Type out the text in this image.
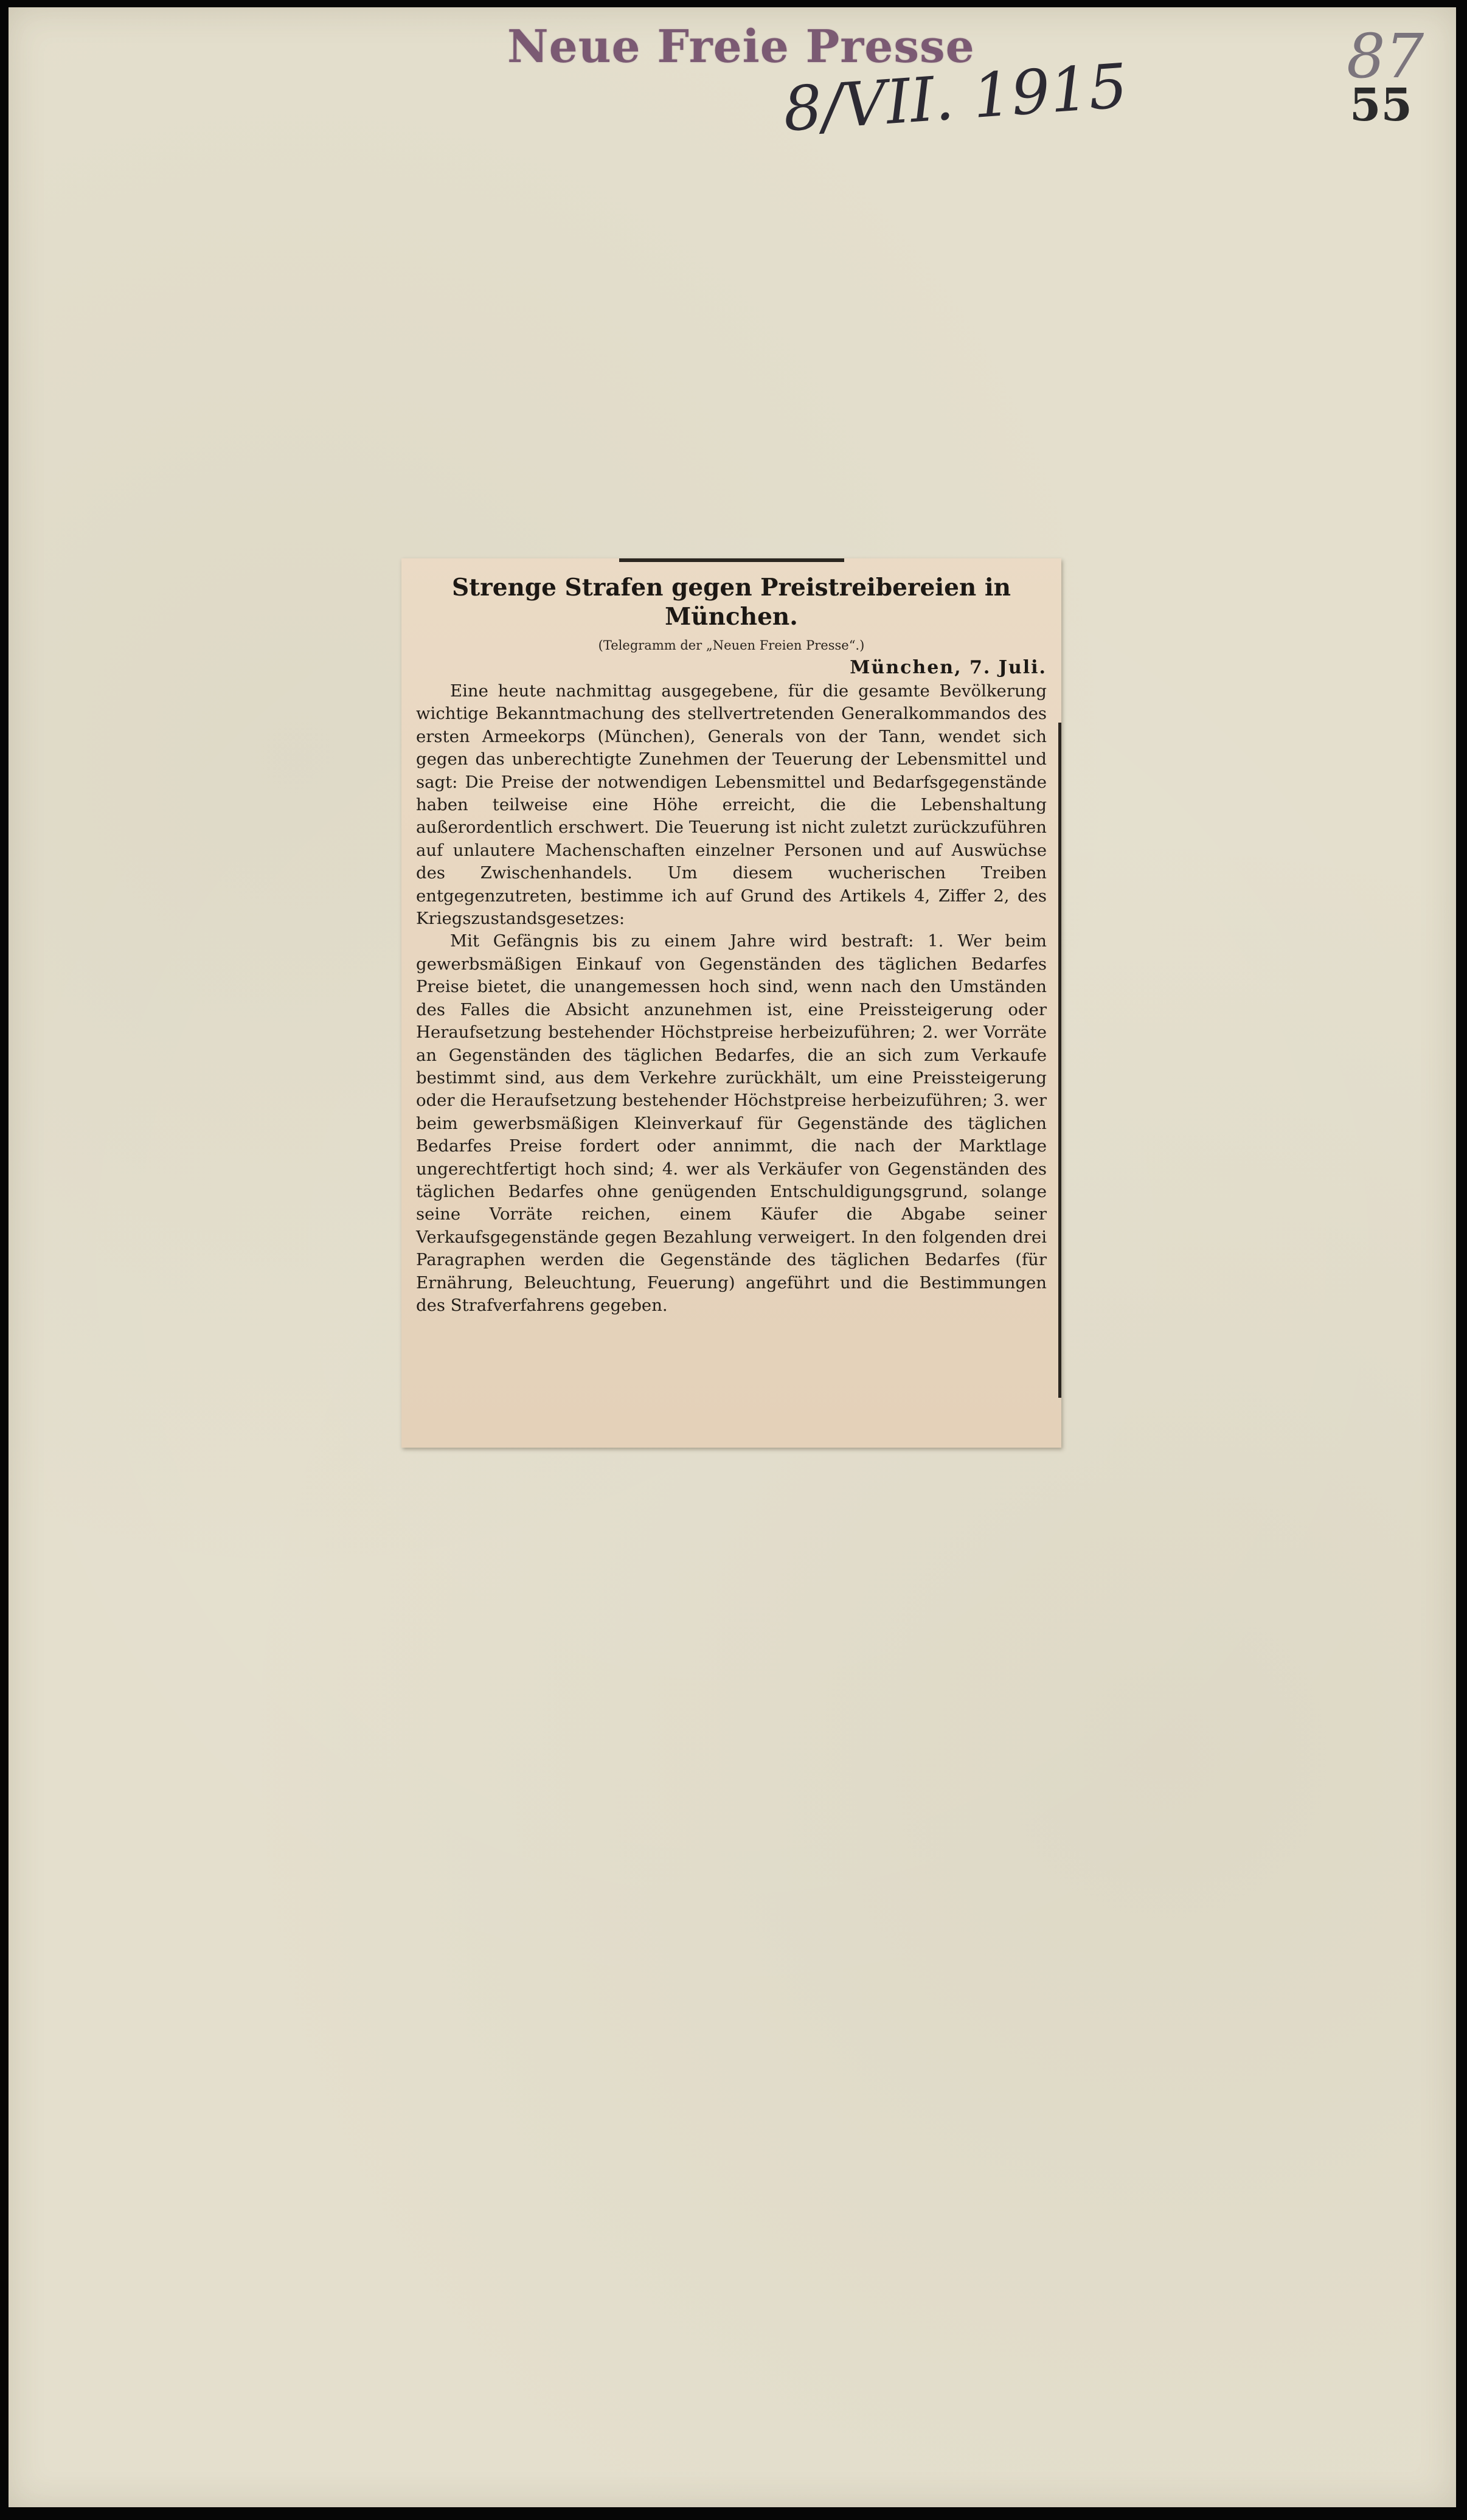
Neue Freie Presse	87
8/VII. 1915	55
Strenge Strafen gegen Preistreibereien in München.
(Telegramm der „Neuen Freien Presse“.)
München, 7. Juli.

Eine heute nachmittag ausgegebene, für die gesamte Bevölkerung wichtige Bekanntmachung des stellvertretenden Generalkommandos des ersten Armeekorps (München), Generals von der Tann, wendet sich gegen das unberechtigte Zunehmen der Teuerung der Lebensmittel und sagt: Die Preise der notwendigen Lebensmittel und Bedarfsgegenstände haben teilweise eine Höhe erreicht, die die Lebenshaltung außerordentlich erschwert. Die Teuerung ist nicht zuletzt zurückzuführen auf unlautere Machenschaften einzelner Personen und auf Auswüchse des Zwischenhandels. Um diesem wucherischen Treiben entgegenzutreten, bestimme ich auf Grund des Artikels 4, Ziffer 2, des Kriegszustandsgesetzes:

Mit Gefängnis bis zu einem Jahre wird bestraft: 1. Wer beim gewerbsmäßigen Einkauf von Gegenständen des täglichen Bedarfes Preise bietet, die unangemessen hoch sind, wenn nach den Umständen des Falles die Absicht anzunehmen ist, eine Preissteigerung oder Heraufsetzung bestehender Höchstpreise herbeizuführen; 2. wer Vorräte an Gegenständen des täglichen Bedarfes, die an sich zum Verkaufe bestimmt sind, aus dem Verkehre zurückhält, um eine Preissteigerung oder die Heraufsetzung bestehender Höchstpreise herbeizuführen; 3. wer beim gewerbsmäßigen Kleinverkauf für Gegenstände des täglichen Bedarfes Preise fordert oder annimmt, die nach der Marktlage ungerechtfertigt hoch sind; 4. wer als Verkäufer von Gegenständen des täglichen Bedarfes ohne genügenden Entschuldigungsgrund, solange seine Vorräte reichen, einem Käufer die Abgabe seiner Verkaufsgegenstände gegen Bezahlung verweigert. In den folgenden drei Paragraphen werden die Gegenstände des täglichen Bedarfes (für Ernährung, Beleuchtung, Feuerung) angeführt und die Bestimmungen des Strafverfahrens gegeben.
